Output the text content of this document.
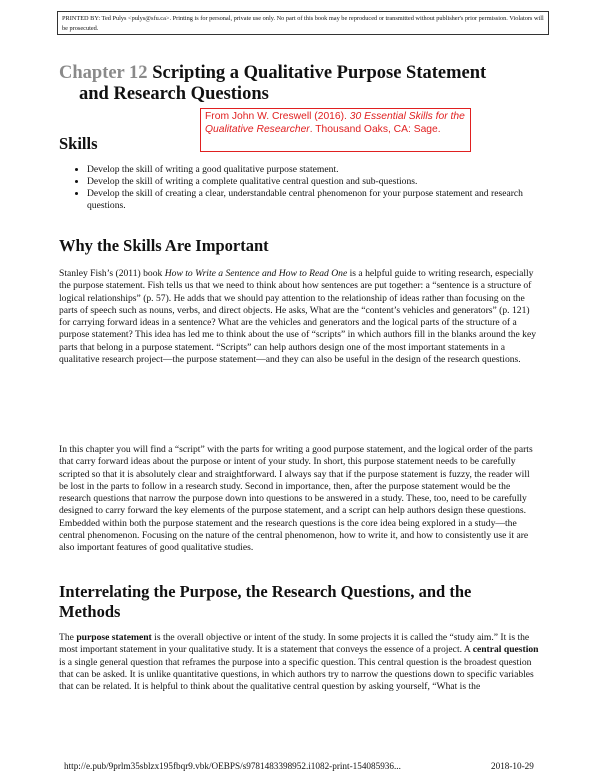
PRINTED BY: Ted Pulys <pulys@sfu.ca>. Printing is for personal, private use only. No part of this book may be reproduced or transmitted without publisher's prior permission. Violators will be prosecuted.
Chapter 12 Scripting a Qualitative Purpose Statement
and Research Questions
From John W. Creswell (2016). 30 Essential Skills for the Qualitative Researcher. Thousand Oaks, CA: Sage.
Skills
• Develop the skill of writing a good qualitative purpose statement.
• Develop the skill of writing a complete qualitative central question and sub-questions.
• Develop the skill of creating a clear, understandable central phenomenon for your purpose statement and research questions.
Why the Skills Are Important

Stanley Fish’s (2011) book How to Write a Sentence and How to Read One is a helpful guide to writing research, especially the purpose statement. Fish tells us that we need to think about how sentences are put together: a “sentence is a structure of logical relationships” (p. 57). He adds that we should pay attention to the relationship of ideas rather than focusing on the parts of speech such as nouns, verbs, and direct objects. He asks, What are the “content’s vehicles and generators” (p. 121) for carrying forward ideas in a sentence? What are the vehicles and generators and the logical parts of the structure of a purpose statement? This idea has led me to think about the use of “scripts” in which authors fill in the blanks around the key parts that belong in a purpose statement. “Scripts” can help authors design one of the most important statements in a qualitative research project—the purpose statement—and they can also be useful in the design of the research questions.

In this chapter you will find a “script” with the parts for writing a good purpose statement, and the logical order of the parts that carry forward ideas about the purpose or intent of your study. In short, this purpose statement needs to be carefully scripted so that it is absolutely clear and straightforward. I always say that if the purpose statement is fuzzy, the reader will be lost in the parts to follow in a research study. Second in importance, then, after the purpose statement would be the research questions that narrow the purpose down into questions to be answered in a study. These, too, need to be carefully designed to carry forward the key elements of the purpose statement, and a script can help authors design these questions. Embedded within both the purpose statement and the research questions is the core idea being explored in a study—the central phenomenon. Focusing on the nature of the central phenomenon, how to write it, and how to consistently use it are also important features of good qualitative studies.

Interrelating the Purpose, the Research Questions, and the Methods

The purpose statement is the overall objective or intent of the study. In some projects it is called the “study aim.” It is the most important statement in your qualitative study. It is a statement that conveys the essence of a project. A central question is a single general question that reframes the purpose into a specific question. This central question is the broadest question that can be asked. It is unlike quantitative questions, in which authors try to narrow the questions down to specific variables that can be related. It is helpful to think about the qualitative central question by asking yourself, “What is the

http://e.pub/9prlm35sblzx195fbqr9.vbk/OEBPS/s9781483398952.i1082-print-154085936...	2018-10-29
